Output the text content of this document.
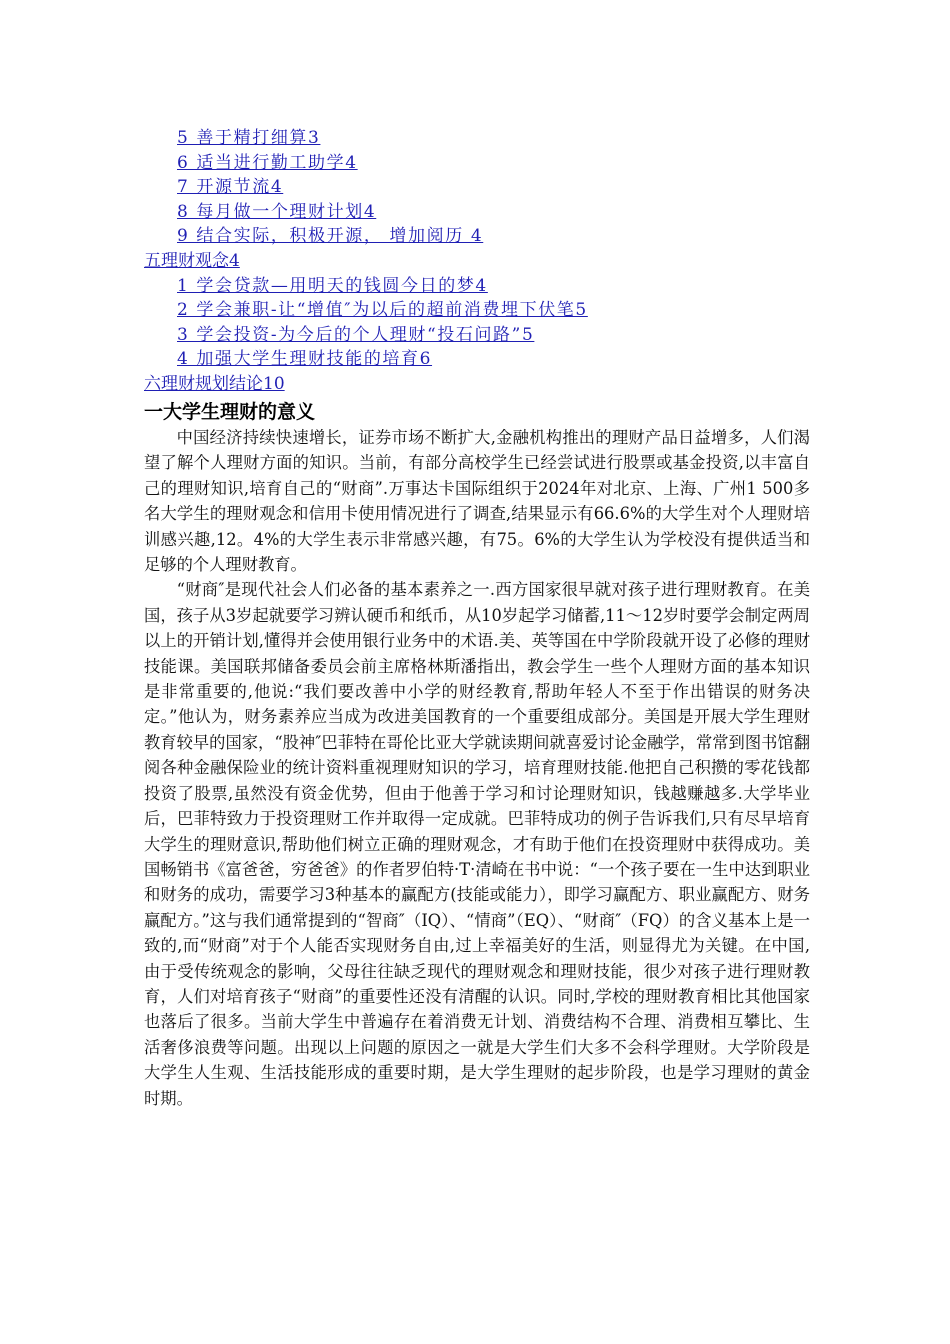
5 善于精打细算3
6 适当进行勤工助学4
7 开源节流4
8 每月做一个理财计划4
9 结合实际，积极开源， 增加阅历 4
五理财观念4
1 学会贷款—用明天的钱圆今日的梦4
2 学会兼职-让“增值″为以后的超前消费埋下伏笔5
3 学会投资-为今后的个人理财“投石问路”5
4 加强大学生理财技能的培育6
六理财规划结论10
一大学生理财的意义

中国经济持续快速增长，证券市场不断扩大,金融机构推出的理财产品日益增多，人们渴望了解个人理财方面的知识。当前，有部分高校学生已经尝试进行股票或基金投资,以丰富自己的理财知识,培育自己的“财商”.万事达卡国际组织于2024年对北京、上海、广州1 500多名大学生的理财观念和信用卡使用情况进行了调查,结果显示有66.6%的大学生对个人理财培训感兴趣,12。4%的大学生表示非常感兴趣，有75。6%的大学生认为学校没有提供适当和足够的个人理财教育。

“财商″是现代社会人们必备的基本素养之一.西方国家很早就对孩子进行理财教育。在美国，孩子从3岁起就要学习辨认硬币和纸币，从10岁起学习储蓄,11～12岁时要学会制定两周以上的开销计划,懂得并会使用银行业务中的术语.美、英等国在中学阶段就开设了必修的理财技能课。美国联邦储备委员会前主席格林斯潘指出，教会学生一些个人理财方面的基本知识是非常重要的,他说:“我们要改善中小学的财经教育,帮助年轻人不至于作出错误的财务决定。”他认为，财务素养应当成为改进美国教育的一个重要组成部分。美国是开展大学生理财教育较早的国家，“股神″巴菲特在哥伦比亚大学就读期间就喜爱讨论金融学，常常到图书馆翻阅各种金融保险业的统计资料重视理财知识的学习，培育理财技能.他把自己积攒的零花钱都投资了股票,虽然没有资金优势，但由于他善于学习和讨论理财知识，钱越赚越多.大学毕业后，巴菲特致力于投资理财工作并取得一定成就。巴菲特成功的例子告诉我们,只有尽早培育大学生的理财意识,帮助他们树立正确的理财观念，才有助于他们在投资理财中获得成功。美国畅销书《富爸爸，穷爸爸》的作者罗伯特·T·清崎在书中说：“一个孩子要在一生中达到职业和财务的成功，需要学习3种基本的赢配方(技能或能力），即学习赢配方、职业赢配方、财务赢配方。”这与我们通常提到的“智商″（IQ）、“情商”（EQ）、“财商″（FQ）的含义基本上是一致的,而“财商”对于个人能否实现财务自由,过上幸福美好的生活，则显得尤为关键。在中国,由于受传统观念的影响，父母往往缺乏现代的理财观念和理财技能，很少对孩子进行理财教育，人们对培育孩子“财商”的重要性还没有清醒的认识。同时,学校的理财教育相比其他国家也落后了很多。当前大学生中普遍存在着消费无计划、消费结构不合理、消费相互攀比、生活奢侈浪费等问题。出现以上问题的原因之一就是大学生们大多不会科学理财。大学阶段是大学生人生观、生活技能形成的重要时期，是大学生理财的起步阶段，也是学习理财的黄金时期。
